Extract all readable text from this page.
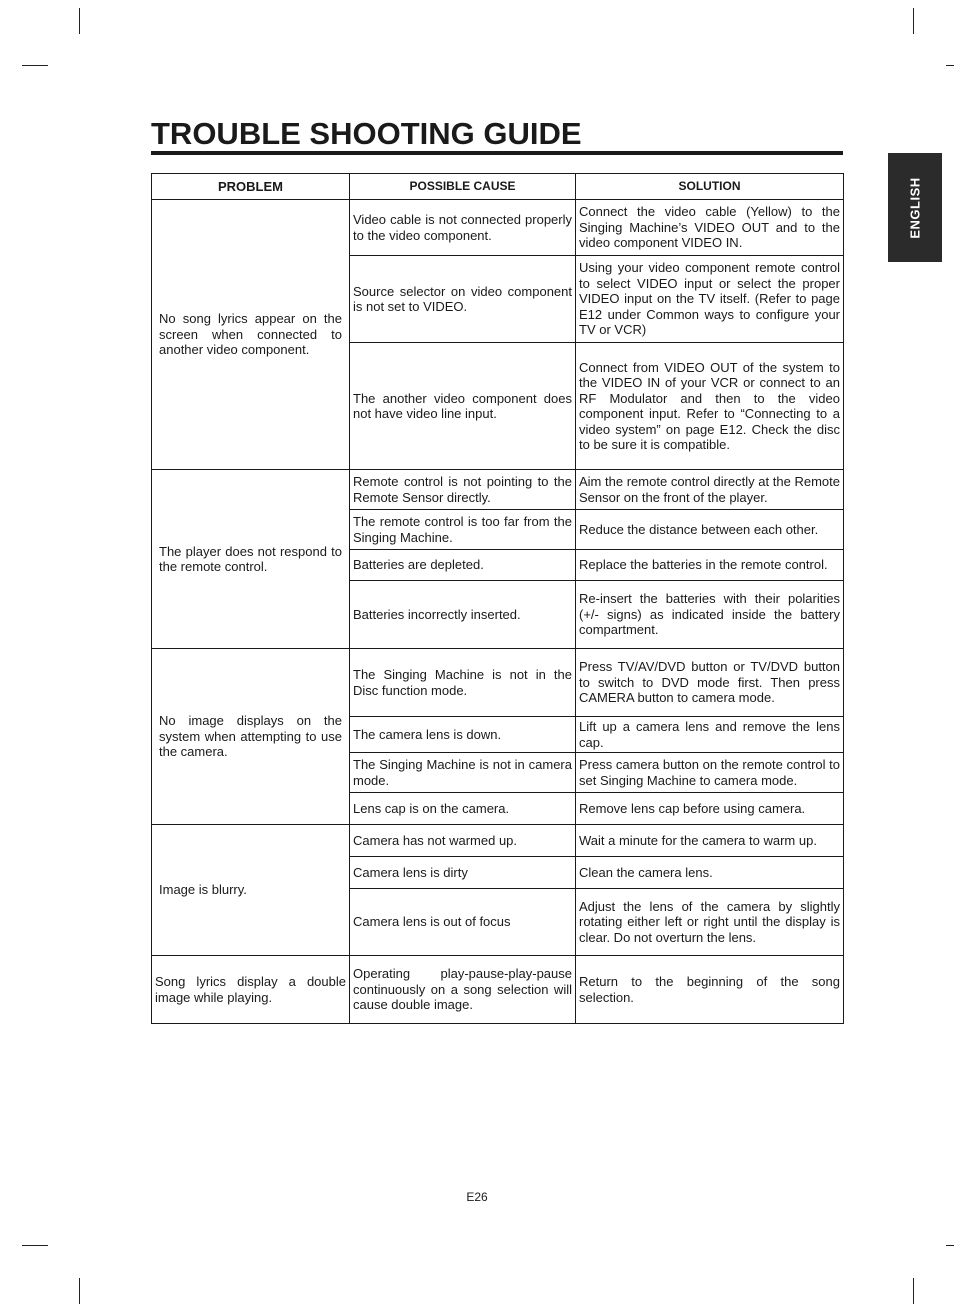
TROUBLE SHOOTING GUIDE
ENGLISH
PROBLEM	POSSIBLE CAUSE	SOLUTION
No song lyrics appear on the screen when connected to another video component.	Video cable is not connected properly to the video component.	Connect the video cable (Yellow) to the Singing Machine’s VIDEO OUT and to the video component VIDEO IN.
	Source selector on video component is not set to VIDEO.	Using your video component remote control to select VIDEO input or select the proper VIDEO input on the TV itself. (Refer to page E12 under Common ways to configure your TV or VCR)
	The another video component does not have video line input.	Connect from VIDEO OUT of the system to the VIDEO IN of your VCR or connect to an RF Modulator and then to the video component input. Refer to “Connecting to a video system” on page E12. Check the disc to be sure it is compatible.
The player does not respond to the remote control.	Remote control is not pointing to the Remote Sensor directly.	Aim the remote control directly at the Remote Sensor on the front of the player.
	The remote control is too far from the Singing Machine.	Reduce the distance between each other.
	Batteries are depleted.	Replace the batteries in the remote control.
	Batteries incorrectly inserted.	Re-insert the batteries with their polarities (+/- signs) as indicated inside the battery compartment.
No image displays on the system when attempting to use the camera.	The Singing Machine is not in the Disc function mode.	Press TV/AV/DVD button or TV/DVD button to switch to DVD mode first. Then press CAMERA button to camera mode.
	The camera lens is down.	Lift up a camera lens and remove the lens cap.
	The Singing Machine is not in camera mode.	Press camera button on the remote control to set Singing Machine to camera mode.
	Lens cap is on the camera.	Remove lens cap before using camera.
Image is blurry.	Camera has not warmed up.	Wait a minute for the camera to warm up.
	Camera lens is dirty	Clean the camera lens.
	Camera lens is out of focus	Adjust the lens of the camera by slightly rotating either left or right until the display is clear. Do not overturn the lens.
Song lyrics display a double image while playing.	Operating play-pause-play-pause continuously on a song selection will cause double image.	Return to the beginning of the song selection.
E26
